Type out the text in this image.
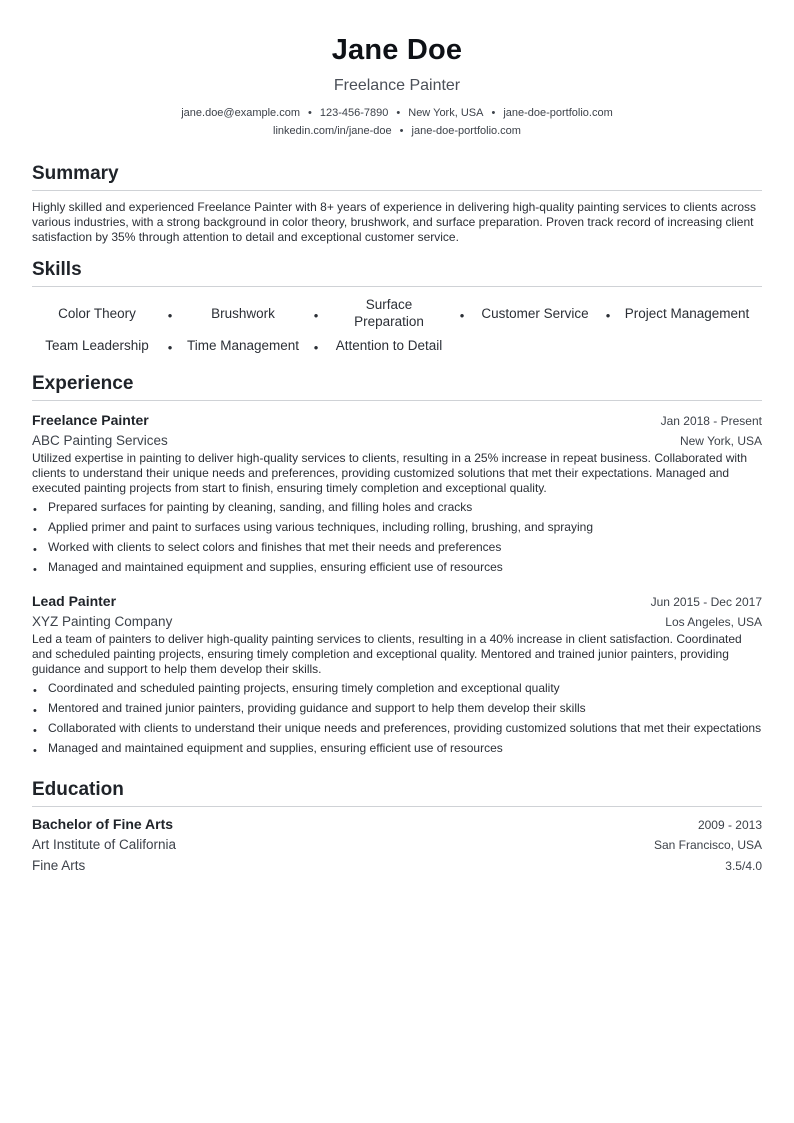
Jane Doe
Freelance Painter
jane.doe@example.com • 123-456-7890 • New York, USA • jane-doe-portfolio.com
linkedin.com/in/jane-doe • jane-doe-portfolio.com
Summary
Highly skilled and experienced Freelance Painter with 8+ years of experience in delivering high-quality painting services to clients across various industries, with a strong background in color theory, brushwork, and surface preparation. Proven track record of increasing client satisfaction by 35% through attention to detail and exceptional customer service.
Skills
Color Theory	•	Brushwork	•
Surface Preparation	•	Customer Service	•	Project Management
Team Leadership	•	Time Management	•	Attention to Detail
Experience
Freelance Painter	Jan 2018 - Present
ABC Painting Services	New York, USA
Utilized expertise in painting to deliver high-quality services to clients, resulting in a 25% increase in repeat business. Collaborated with clients to understand their unique needs and preferences, providing customized solutions that met their expectations. Managed and executed painting projects from start to finish, ensuring timely completion and exceptional quality.
• Prepared surfaces for painting by cleaning, sanding, and filling holes and cracks
• Applied primer and paint to surfaces using various techniques, including rolling, brushing, and spraying
• Worked with clients to select colors and finishes that met their needs and preferences
• Managed and maintained equipment and supplies, ensuring efficient use of resources
Lead Painter	Jun 2015 - Dec 2017
XYZ Painting Company	Los Angeles, USA
Led a team of painters to deliver high-quality painting services to clients, resulting in a 40% increase in client satisfaction. Coordinated and scheduled painting projects, ensuring timely completion and exceptional quality. Mentored and trained junior painters, providing guidance and support to help them develop their skills.
• Coordinated and scheduled painting projects, ensuring timely completion and exceptional quality
• Mentored and trained junior painters, providing guidance and support to help them develop their skills
• Collaborated with clients to understand their unique needs and preferences, providing customized solutions that met their expectations
• Managed and maintained equipment and supplies, ensuring efficient use of resources
Education
Bachelor of Fine Arts	2009 - 2013
Art Institute of California	San Francisco, USA
Fine Arts	3.5/4.0
